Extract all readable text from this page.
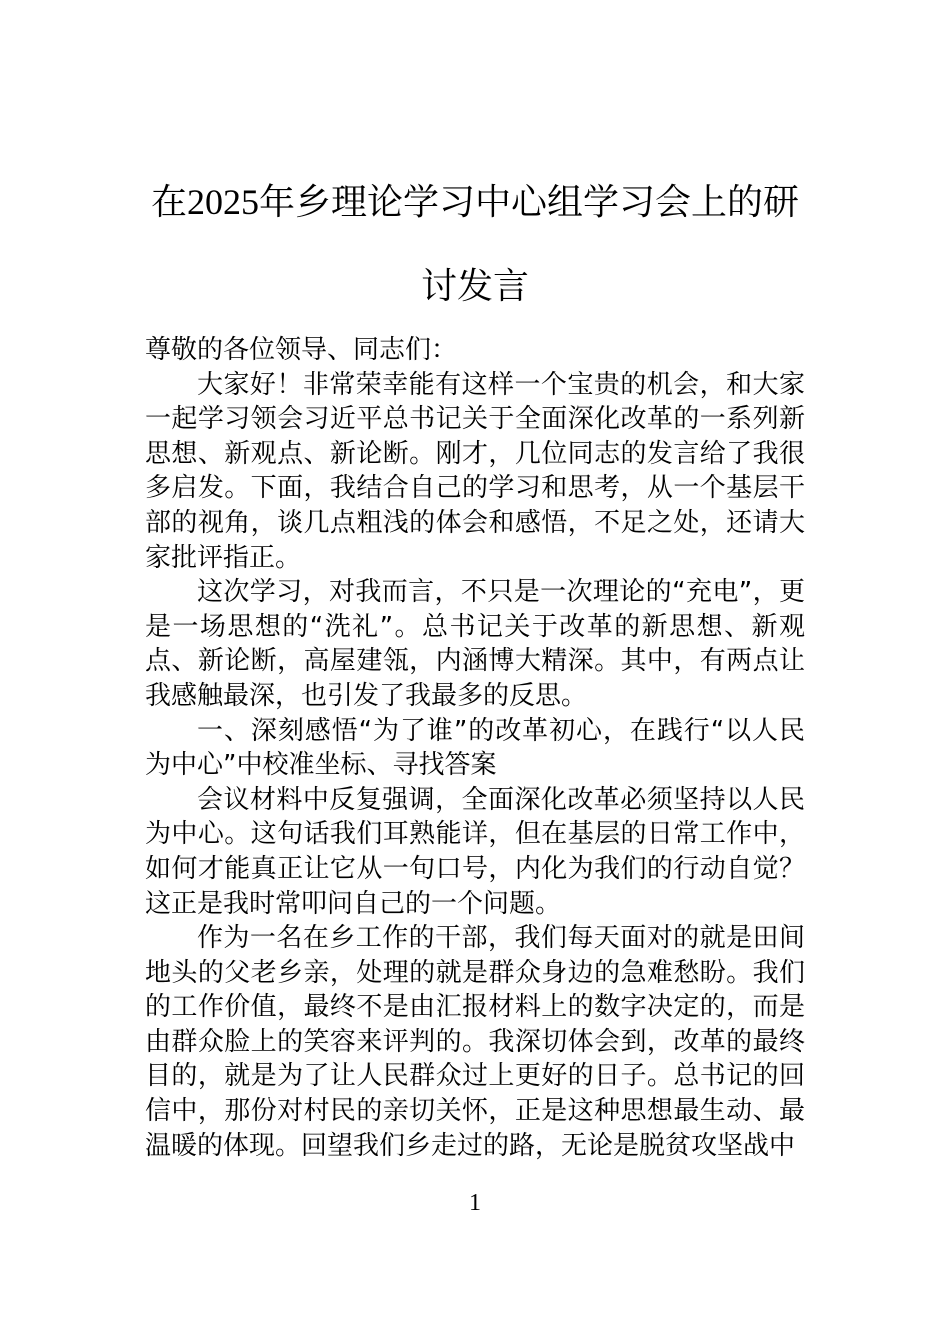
在2025年乡理论学习中心组学习会上的研
讨发言

尊敬的各位领导、同志们：

大家好！非常荣幸能有这样一个宝贵的机会，和大家一起学习领会习近平总书记关于全面深化改革的一系列新思想、新观点、新论断。刚才，几位同志的发言给了我很多启发。下面，我结合自己的学习和思考，从一个基层干部的视角，谈几点粗浅的体会和感悟，不足之处，还请大家批评指正。

这次学习，对我而言，不只是一次理论的“充电”，更是一场思想的“洗礼”。总书记关于改革的新思想、新观点、新论断，高屋建瓴，内涵博大精深。其中，有两点让我感触最深，也引发了我最多的反思。

一、深刻感悟“为了谁”的改革初心，在践行“以人民为中心”中校准坐标、寻找答案

会议材料中反复强调，全面深化改革必须坚持以人民为中心。这句话我们耳熟能详，但在基层的日常工作中，如何才能真正让它从一句口号，内化为我们的行动自觉？这正是我时常叩问自己的一个问题。

作为一名在乡工作的干部，我们每天面对的就是田间地头的父老乡亲，处理的就是群众身边的急难愁盼。我们的工作价值，最终不是由汇报材料上的数字决定的，而是由群众脸上的笑容来评判的。我深切体会到，改革的最终目的，就是为了让人民群众过上更好的日子。总书记的回信中，那份对村民的亲切关怀，正是这种思想最生动、最温暖的体现。回望我们乡走过的路，无论是脱贫攻坚战中

1
